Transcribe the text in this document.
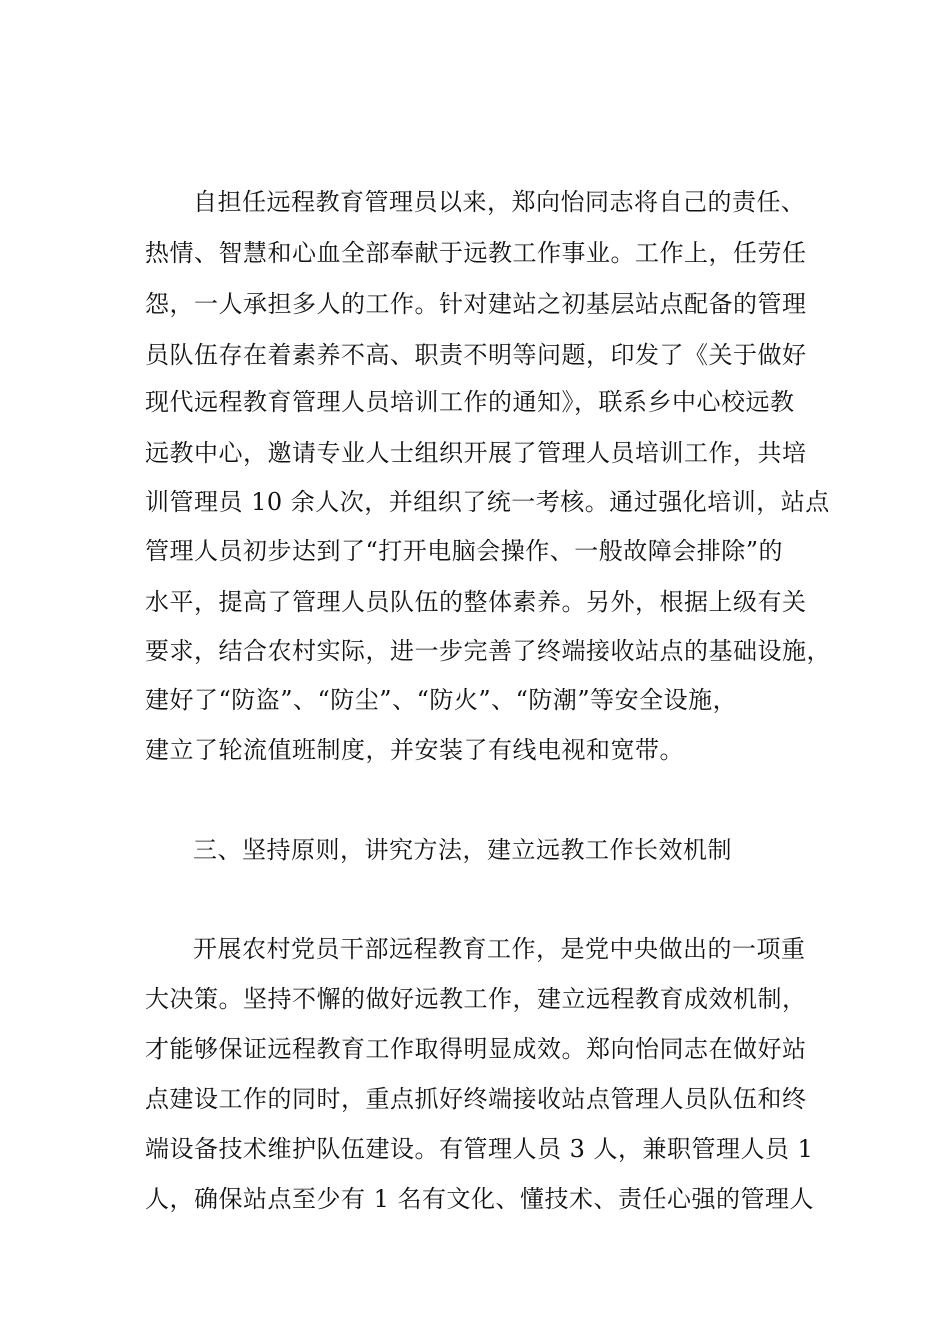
自担任远程教育管理员以来，郑向怡同志将自己的责任、
热情、智慧和心血全部奉献于远教工作事业。工作上，任劳任
怨，一人承担多人的工作。针对建站之初基层站点配备的管理
员队伍存在着素养不高、职责不明等问题，印发了《关于做好
现代远程教育管理人员培训工作的通知》，联系乡中心校远教
远教中心，邀请专业人士组织开展了管理人员培训工作，共培
训管理员 10 余人次，并组织了统一考核。通过强化培训，站点
管理人员初步达到了“打开电脑会操作、一般故障会排除”的
水平，提高了管理人员队伍的整体素养。另外，根据上级有关
要求，结合农村实际，进一步完善了终端接收站点的基础设施，
建好了“防盗”、“防尘”、“防火”、“防潮”等安全设施，
建立了轮流值班制度，并安装了有线电视和宽带。
三、坚持原则，讲究方法，建立远教工作长效机制
开展农村党员干部远程教育工作，是党中央做出的一项重
大决策。坚持不懈的做好远教工作，建立远程教育成效机制，
才能够保证远程教育工作取得明显成效。郑向怡同志在做好站
点建设工作的同时，重点抓好终端接收站点管理人员队伍和终
端设备技术维护队伍建设。有管理人员 3 人，兼职管理人员 1
人，确保站点至少有 1 名有文化、懂技术、责任心强的管理人
